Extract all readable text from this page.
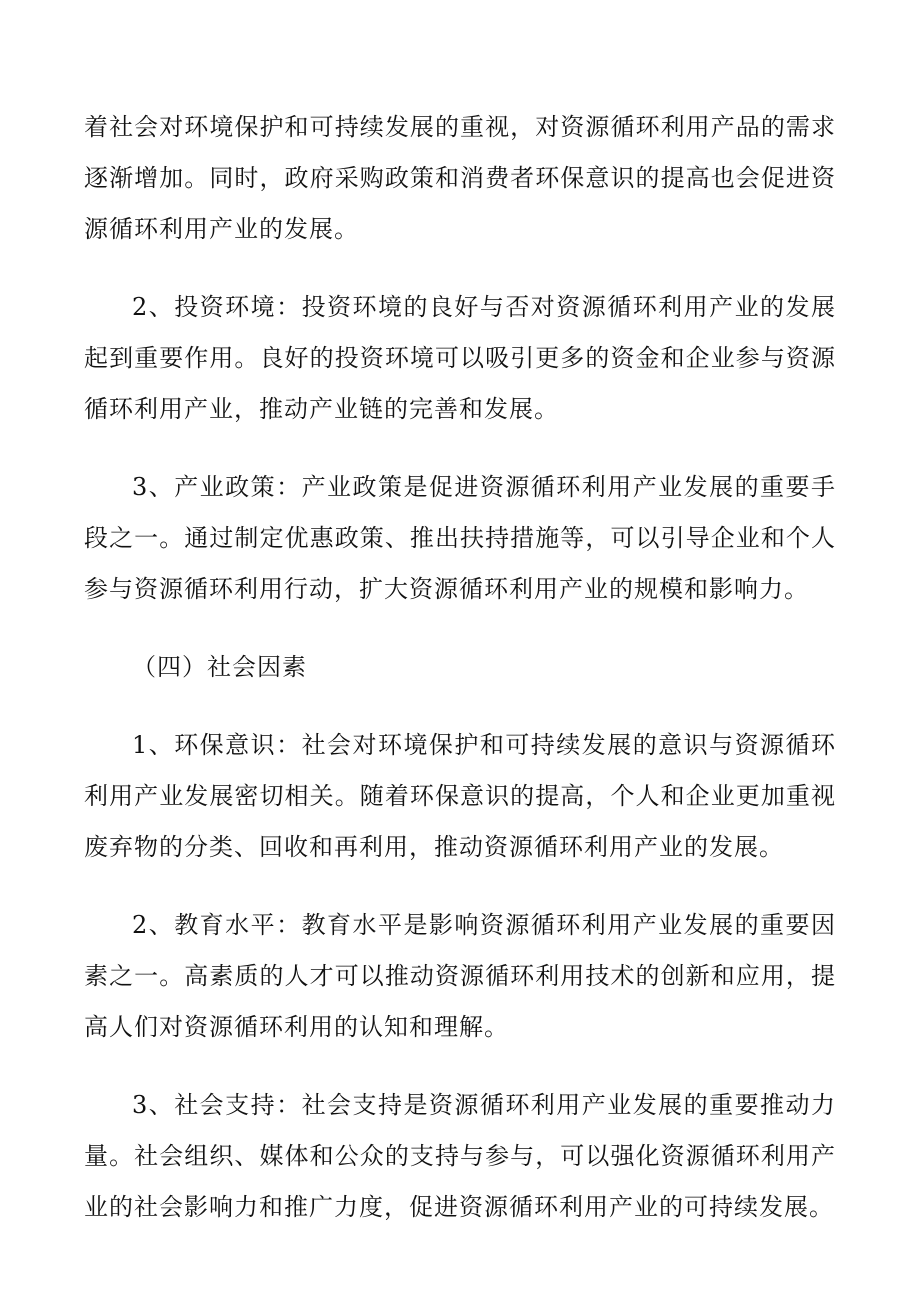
着社会对环境保护和可持续发展的重视，对资源循环利用产品的需求逐渐增加。同时，政府采购政策和消费者环保意识的提高也会促进资源循环利用产业的发展。

2、投资环境：投资环境的良好与否对资源循环利用产业的发展起到重要作用。良好的投资环境可以吸引更多的资金和企业参与资源循环利用产业，推动产业链的完善和发展。

3、产业政策：产业政策是促进资源循环利用产业发展的重要手段之一。通过制定优惠政策、推出扶持措施等，可以引导企业和个人参与资源循环利用行动，扩大资源循环利用产业的规模和影响力。

（四）社会因素

1、环保意识：社会对环境保护和可持续发展的意识与资源循环利用产业发展密切相关。随着环保意识的提高，个人和企业更加重视废弃物的分类、回收和再利用，推动资源循环利用产业的发展。

2、教育水平：教育水平是影响资源循环利用产业发展的重要因素之一。高素质的人才可以推动资源循环利用技术的创新和应用，提高人们对资源循环利用的认知和理解。

3、社会支持：社会支持是资源循环利用产业发展的重要推动力量。社会组织、媒体和公众的支持与参与，可以强化资源循环利用产业的社会影响力和推广力度，促进资源循环利用产业的可持续发展。
